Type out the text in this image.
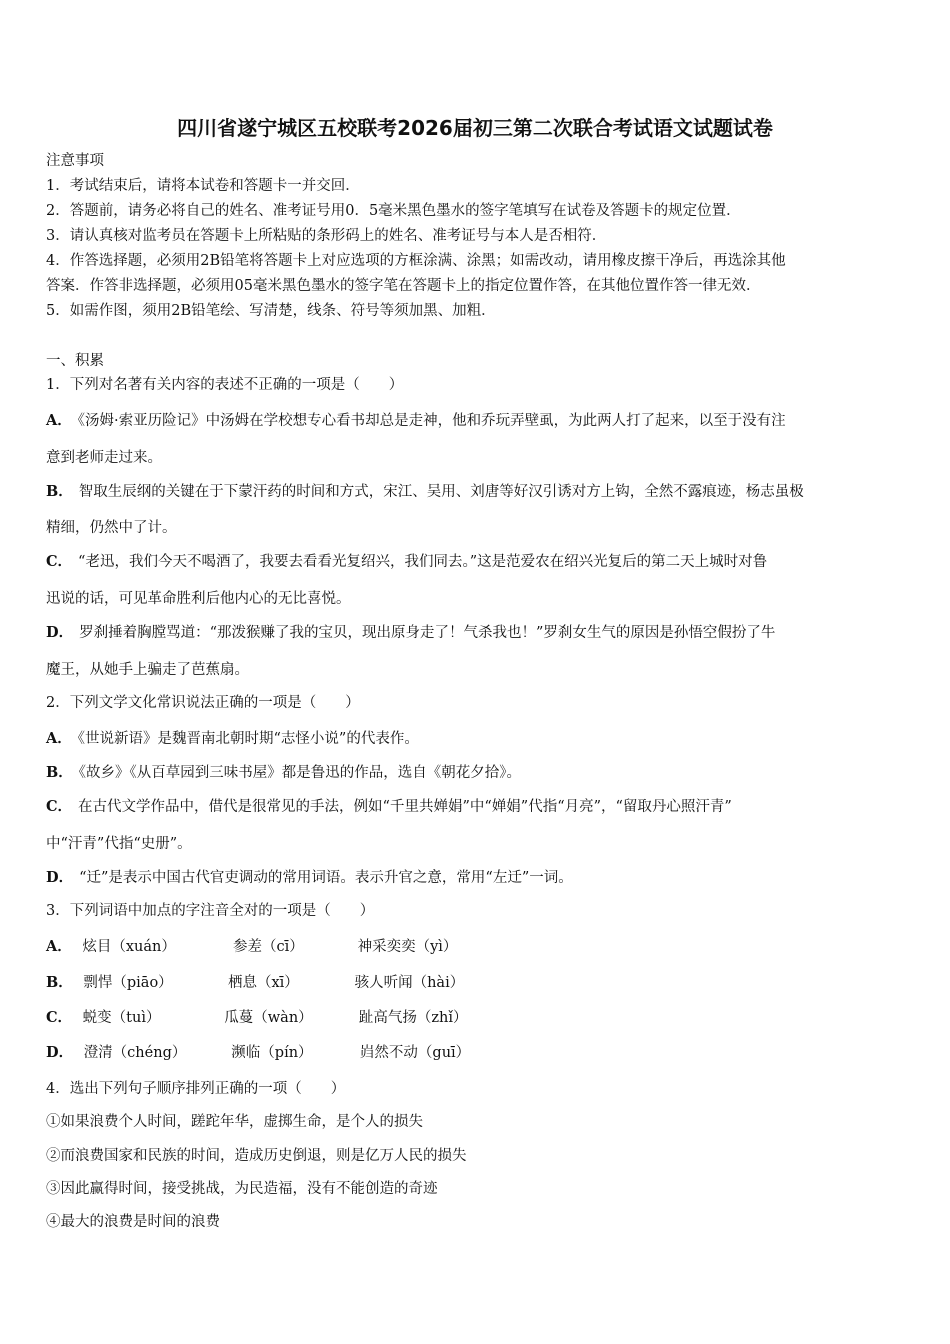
四川省遂宁城区五校联考2026届初三第二次联合考试语文试题试卷
注意事项
1．考试结束后，请将本试卷和答题卡一并交回．
2．答题前，请务必将自己的姓名、准考证号用0．5毫米黑色墨水的签字笔填写在试卷及答题卡的规定位置．
3．请认真核对监考员在答题卡上所粘贴的条形码上的姓名、准考证号与本人是否相符．
4．作答选择题，必须用2B铅笔将答题卡上对应选项的方框涂满、涂黑；如需改动，请用橡皮擦干净后，再选涂其他
答案．作答非选择题，必须用05毫米黑色墨水的签字笔在答题卡上的指定位置作答，在其他位置作答一律无效．
5．如需作图，须用2B铅笔绘、写清楚，线条、符号等须加黑、加粗．
一、积累
1．下列对名著有关内容的表述不正确的一项是（　　）
A． 《汤姆·索亚历险记》中汤姆在学校想专心看书却总是走神，他和乔玩弄壁虱，为此两人打了起来，以至于没有注
意到老师走过来。
B． 智取生辰纲的关键在于下蒙汗药的时间和方式，宋江、吴用、刘唐等好汉引诱对方上钩，全然不露痕迹，杨志虽极
精细，仍然中了计。
C． “老迅，我们今天不喝酒了，我要去看看光复绍兴，我们同去。”这是范爱农在绍兴光复后的第二天上城时对鲁
迅说的话，可见革命胜利后他内心的无比喜悦。
D． 罗刹捶着胸膛骂道：“那泼猴赚了我的宝贝，现出原身走了！气杀我也！”罗刹女生气的原因是孙悟空假扮了牛
魔王，从她手上骗走了芭蕉扇。
2．下列文学文化常识说法正确的一项是（　　）
A． 《世说新语》是魏晋南北朝时期“志怪小说”的代表作。
B． 《故乡》《从百草园到三味书屋》都是鲁迅的作品，选自《朝花夕拾》。
C． 在古代文学作品中，借代是很常见的手法，例如“千里共婵娟”中“婵娟”代指“月亮”，“留取丹心照汗青”
中“汗青”代指“史册”。
D． “迁”是表示中国古代官吏调动的常用词语。表示升官之意，常用“左迁”一词。
3．下列词语中加点的字注音全对的一项是（　　）
A． 炫目（xuán）	参差（cī）	神采奕奕（yì）
B． 剽悍（piāo）	栖息（xī）	骇人听闻（hài）
C． 蜕变（tuì）	瓜蔓（wàn）	趾高气扬（zhǐ）
D． 澄清（chéng）	濒临（pín）	岿然不动（guī）
4．选出下列句子顺序排列正确的一项（　　）
①如果浪费个人时间，蹉跎年华，虚掷生命，是个人的损失
②而浪费国家和民族的时间，造成历史倒退，则是亿万人民的损失
③因此赢得时间，接受挑战，为民造福，没有不能创造的奇迹
④最大的浪费是时间的浪费
